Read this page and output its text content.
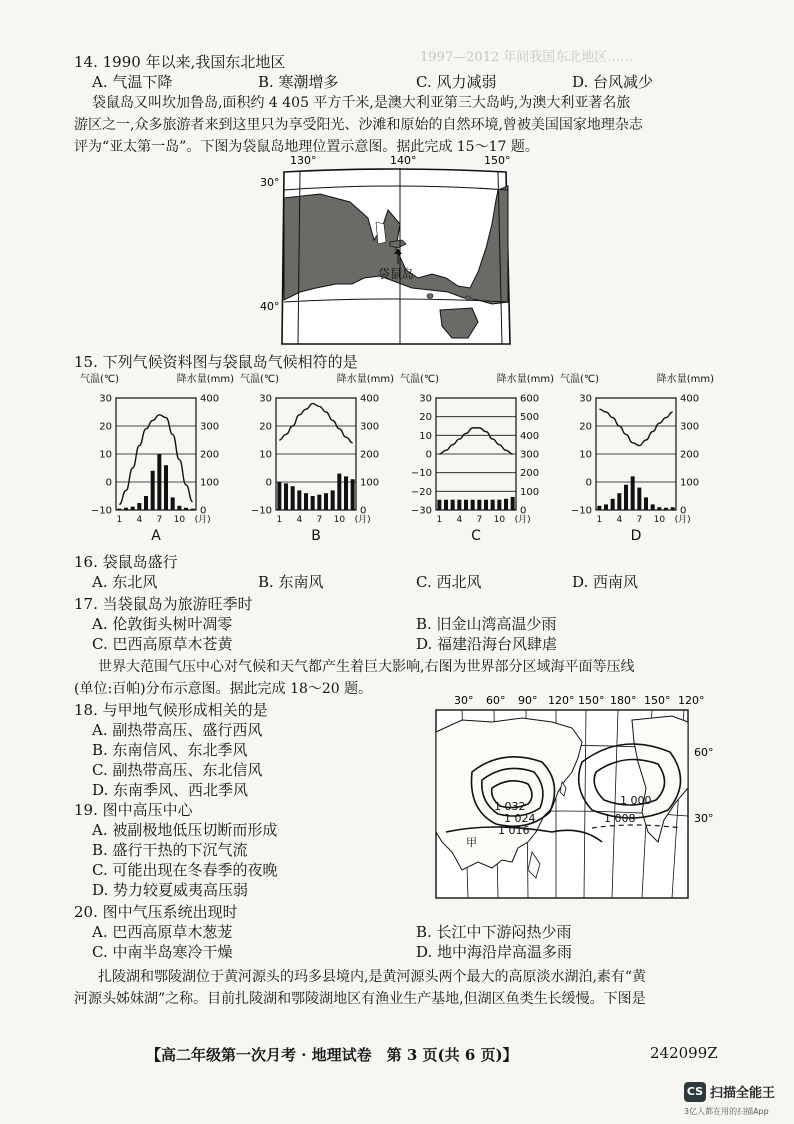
1997—2012 年间我国东北地区……
14. 1990 年以来,我国东北地区
A. 气温下降	B. 寒潮增多	C. 风力减弱	D. 台风减少
袋鼠岛又叫坎加鲁岛,面积约 4 405 平方千米,是澳大利亚第三大岛屿,为澳大利亚著名旅
游区之一,众多旅游者来到这里只为享受阳光、沙滩和原始的自然环境,曾被美国国家地理杂志
评为“亚太第一岛”。下图为袋鼠岛地理位置示意图。据此完成 15～17 题。
130°	140°	150°
30°
40°
袋鼠岛
15. 下列气候资料图与袋鼠岛气候相符的是
气温(℃)	降水量(mm)
30
20
10
0
−10
400
300
200
100
0
1 4 7 10 (月)
A
气温(℃)	降水量(mm)
30
20
10
0
−10
400
300
200
100
0
1 4 7 10 (月)
B
气温(℃)	降水量(mm)
30
20
10
0
−10
−20
−30
600
500
400
300
200
100
0
1 4 7 10 (月)
C
气温(℃)	降水量(mm)
30
20
10
0
−10
400
300
200
100
0
1 4 7 10 (月)
D
16. 袋鼠岛盛行
A. 东北风	B. 东南风	C. 西北风	D. 西南风
17. 当袋鼠岛为旅游旺季时
A. 伦敦街头树叶凋零	B. 旧金山湾高温少雨
C. 巴西高原草木苍黄	D. 福建沿海台风肆虐
世界大范围气压中心对气候和天气都产生着巨大影响,右图为世界部分区域海平面等压线
(单位:百帕)分布示意图。据此完成 18～20 题。
18. 与甲地气候形成相关的是
A. 副热带高压、盛行西风
B. 东南信风、东北季风
C. 副热带高压、东北信风
D. 东南季风、西北季风
19. 图中高压中心
A. 被副极地低压切断而形成
B. 盛行干热的下沉气流
C. 可能出现在冬春季的夜晚
D. 势力较夏威夷高压弱
30° 60° 90° 120° 150° 180° 150° 120°
60°
30°
1 032
1 024
1 016
1 000
1 008
甲
20. 图中气压系统出现时
A. 巴西高原草木葱茏	B. 长江中下游闷热少雨
C. 中南半岛寒冷干燥	D. 地中海沿岸高温多雨
扎陵湖和鄂陵湖位于黄河源头的玛多县境内,是黄河源头两个最大的高原淡水湖泊,素有“黄
河源头姊妹湖”之称。目前扎陵湖和鄂陵湖地区有渔业生产基地,但湖区鱼类生长缓慢。下图是
【高二年级第一次月考 · 地理试卷　第 3 页(共 6 页)】	242099Z
CS 扫描全能王
3亿人都在用的扫描App
